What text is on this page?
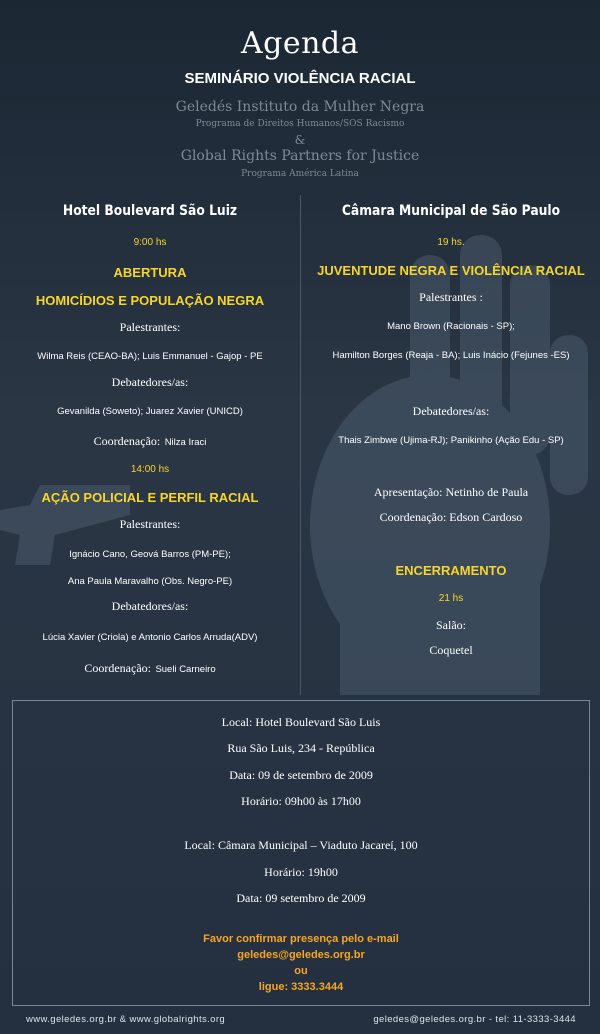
Agenda
SEMINÁRIO VIOLÊNCIA RACIAL
Geledés Instituto da Mulher Negra
Programa de Direitos Humanos/SOS Racismo
&
Global Rights Partners for Justice
Programa América Latina
Hotel Boulevard São Luiz
9:00 hs
ABERTURA
HOMICÍDIOS E POPULAÇÃO NEGRA
Palestrantes:
Wilma Reis (CEAO-BA); Luis Emmanuel - Gajop - PE
Debatedores/as:
Gevanilda (Soweto); Juarez Xavier (UNICD)
Coordenação: Nilza Iraci
14:00 hs
AÇÃO POLICIAL E PERFIL RACIAL
Palestrantes:
Ignácio Cano, Geová Barros (PM-PE);
Ana Paula Maravalho (Obs. Negro-PE)
Debatedores/as:
Lúcia Xavier (Criola) e Antonio Carlos Arruda(ADV)
Coordenação: Sueli Carneiro
Câmara Municipal de São Paulo
19 hs.
JUVENTUDE NEGRA E VIOLÊNCIA RACIAL
Palestrantes :
Mano Brown (Racionais - SP);
Hamilton Borges (Reaja - BA); Luis Inácio (Fejunes -ES)
Debatedores/as:
Thais Zimbwe (Ujima-RJ); Panikinho (Ação Edu - SP)
Apresentação: Netinho de Paula
Coordenação: Edson Cardoso
ENCERRAMENTO
21 hs
Salão:
Coquetel
Local: Hotel Boulevard São Luis
Rua São Luis, 234 - República
Data: 09 de setembro de 2009
Horário: 09h00 às 17h00
Local: Câmara Municipal – Viaduto Jacareí, 100
Horário: 19h00
Data: 09 setembro de 2009
Favor confirmar presença pelo e-mail
geledes@geledes.org.br
ou
ligue: 3333.3444
www.geledes.org.br & www.globalrights.org	geledes@geledes.org.br - tel: 11-3333-3444
